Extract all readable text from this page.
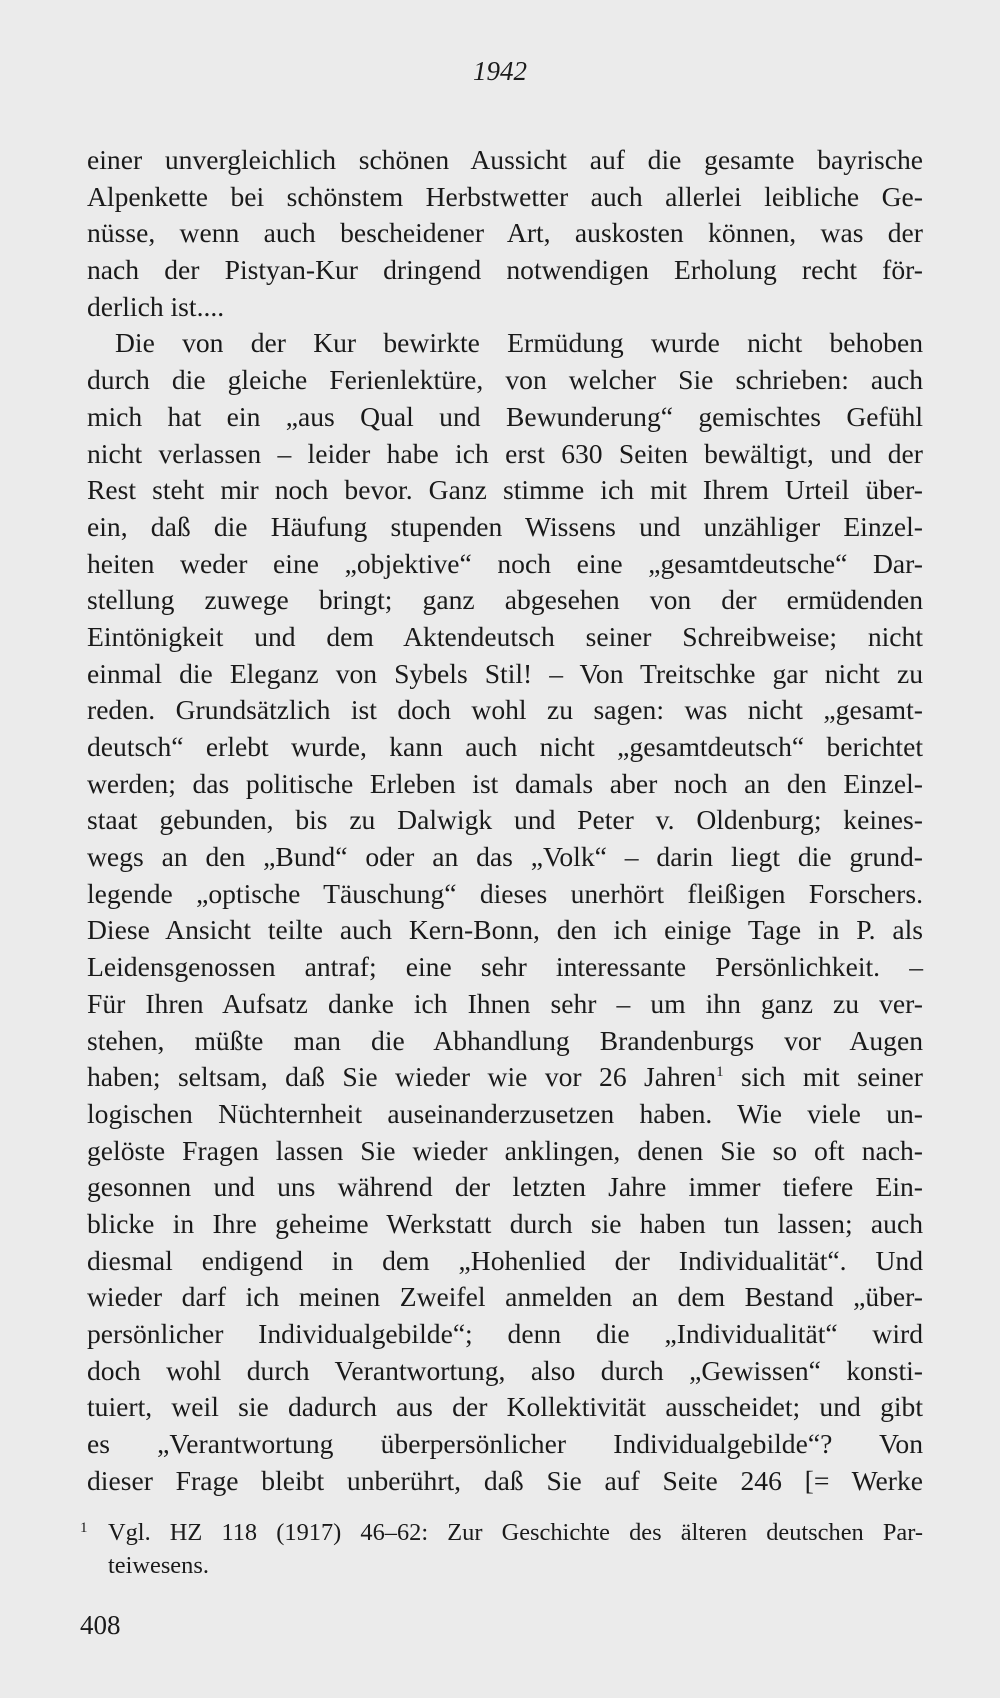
1942
einer unvergleichlich schönen Aussicht auf die gesamte bayrische
Alpenkette bei schönstem Herbstwetter auch allerlei leibliche Ge-
nüsse, wenn auch bescheidener Art, auskosten können, was der
nach der Pistyan-Kur dringend notwendigen Erholung recht för-
derlich ist....
Die von der Kur bewirkte Ermüdung wurde nicht behoben
durch die gleiche Ferienlektüre, von welcher Sie schrieben: auch
mich hat ein „aus Qual und Bewunderung“ gemischtes Gefühl
nicht verlassen – leider habe ich erst 630 Seiten bewältigt, und der
Rest steht mir noch bevor. Ganz stimme ich mit Ihrem Urteil über-
ein, daß die Häufung stupenden Wissens und unzähliger Einzel-
heiten weder eine „objektive“ noch eine „gesamtdeutsche“ Dar-
stellung zuwege bringt; ganz abgesehen von der ermüdenden
Eintönigkeit und dem Aktendeutsch seiner Schreibweise; nicht
einmal die Eleganz von Sybels Stil! – Von Treitschke gar nicht zu
reden. Grundsätzlich ist doch wohl zu sagen: was nicht „gesamt-
deutsch“ erlebt wurde, kann auch nicht „gesamtdeutsch“ berichtet
werden; das politische Erleben ist damals aber noch an den Einzel-
staat gebunden, bis zu Dalwigk und Peter v. Oldenburg; keines-
wegs an den „Bund“ oder an das „Volk“ – darin liegt die grund-
legende „optische Täuschung“ dieses unerhört fleißigen Forschers.
Diese Ansicht teilte auch Kern-Bonn, den ich einige Tage in P. als
Leidensgenossen antraf; eine sehr interessante Persönlichkeit. –
Für Ihren Aufsatz danke ich Ihnen sehr – um ihn ganz zu ver-
stehen, müßte man die Abhandlung Brandenburgs vor Augen
haben; seltsam, daß Sie wieder wie vor 26 Jahren$^1$ sich mit seiner
logischen Nüchternheit auseinanderzusetzen haben. Wie viele un-
gelöste Fragen lassen Sie wieder anklingen, denen Sie so oft nach-
gesonnen und uns während der letzten Jahre immer tiefere Ein-
blicke in Ihre geheime Werkstatt durch sie haben tun lassen; auch
diesmal endigend in dem „Hohenlied der Individualität“. Und
wieder darf ich meinen Zweifel anmelden an dem Bestand „über-
persönlicher Individualgebilde“; denn die „Individualität“ wird
doch wohl durch Verantwortung, also durch „Gewissen“ konsti-
tuiert, weil sie dadurch aus der Kollektivität ausscheidet; und gibt
es „Verantwortung überpersönlicher Individualgebilde“? Von
dieser Frage bleibt unberührt, daß Sie auf Seite 246 [= Werke
1 Vgl. HZ 118 (1917) 46–62: Zur Geschichte des älteren deutschen Par-
teiwesens.
408
